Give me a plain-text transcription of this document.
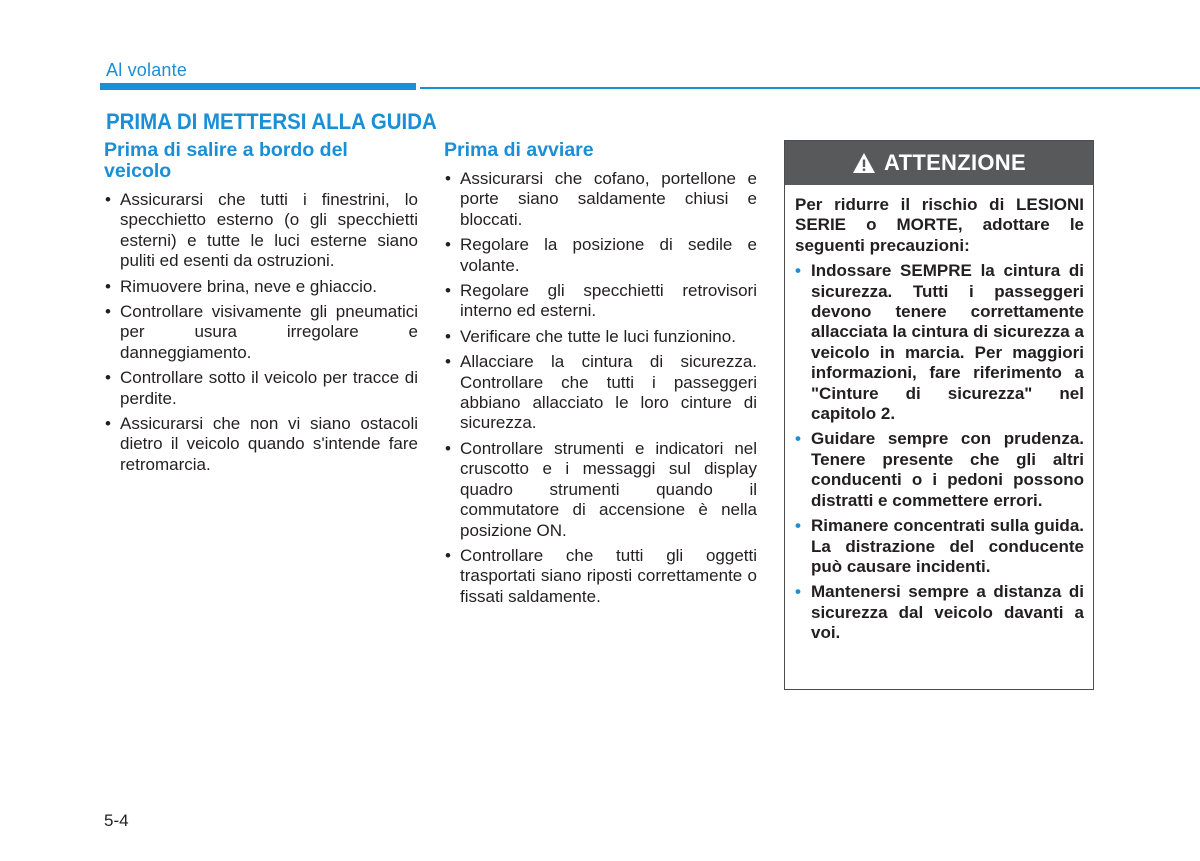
Al volante
PRIMA DI METTERSI ALLA GUIDA
Prima di salire a bordo del veicolo
• Assicurarsi che tutti i finestrini, lo specchietto esterno (o gli specchietti esterni) e tutte le luci esterne siano puliti ed esenti da ostruzioni.
• Rimuovere brina, neve e ghiaccio.
• Controllare visivamente gli pneumatici per usura irregolare e danneggiamento.
• Controllare sotto il veicolo per tracce di perdite.
• Assicurarsi che non vi siano ostacoli dietro il veicolo quando s'intende fare retromarcia.
Prima di avviare
• Assicurarsi che cofano, portellone e porte siano saldamente chiusi e bloccati.
• Regolare la posizione di sedile e volante.
• Regolare gli specchietti retrovisori interno ed esterni.
• Verificare che tutte le luci funzionino.
• Allacciare la cintura di sicurezza. Controllare che tutti i passeggeri abbiano allacciato le loro cinture di sicurezza.
• Controllare strumenti e indicatori nel cruscotto e i messaggi sul display quadro strumenti quando il commutatore di accensione è nella posizione ON.
• Controllare che tutti gli oggetti trasportati siano riposti correttamente o fissati saldamente.
ATTENZIONE

Per ridurre il rischio di LESIONI SERIE o MORTE, adottare le seguenti precauzioni:

• Indossare SEMPRE la cintura di sicurezza. Tutti i passeggeri devono tenere correttamente allacciata la cintura di sicurezza a veicolo in marcia. Per maggiori informazioni, fare riferimento a "Cinture di sicurezza" nel capitolo 2.
• Guidare sempre con prudenza. Tenere presente che gli altri conducenti o i pedoni possono distratti e commettere errori.
• Rimanere concentrati sulla guida. La distrazione del conducente può causare incidenti.
• Mantenersi sempre a distanza di sicurezza dal veicolo davanti a voi.
5-4
